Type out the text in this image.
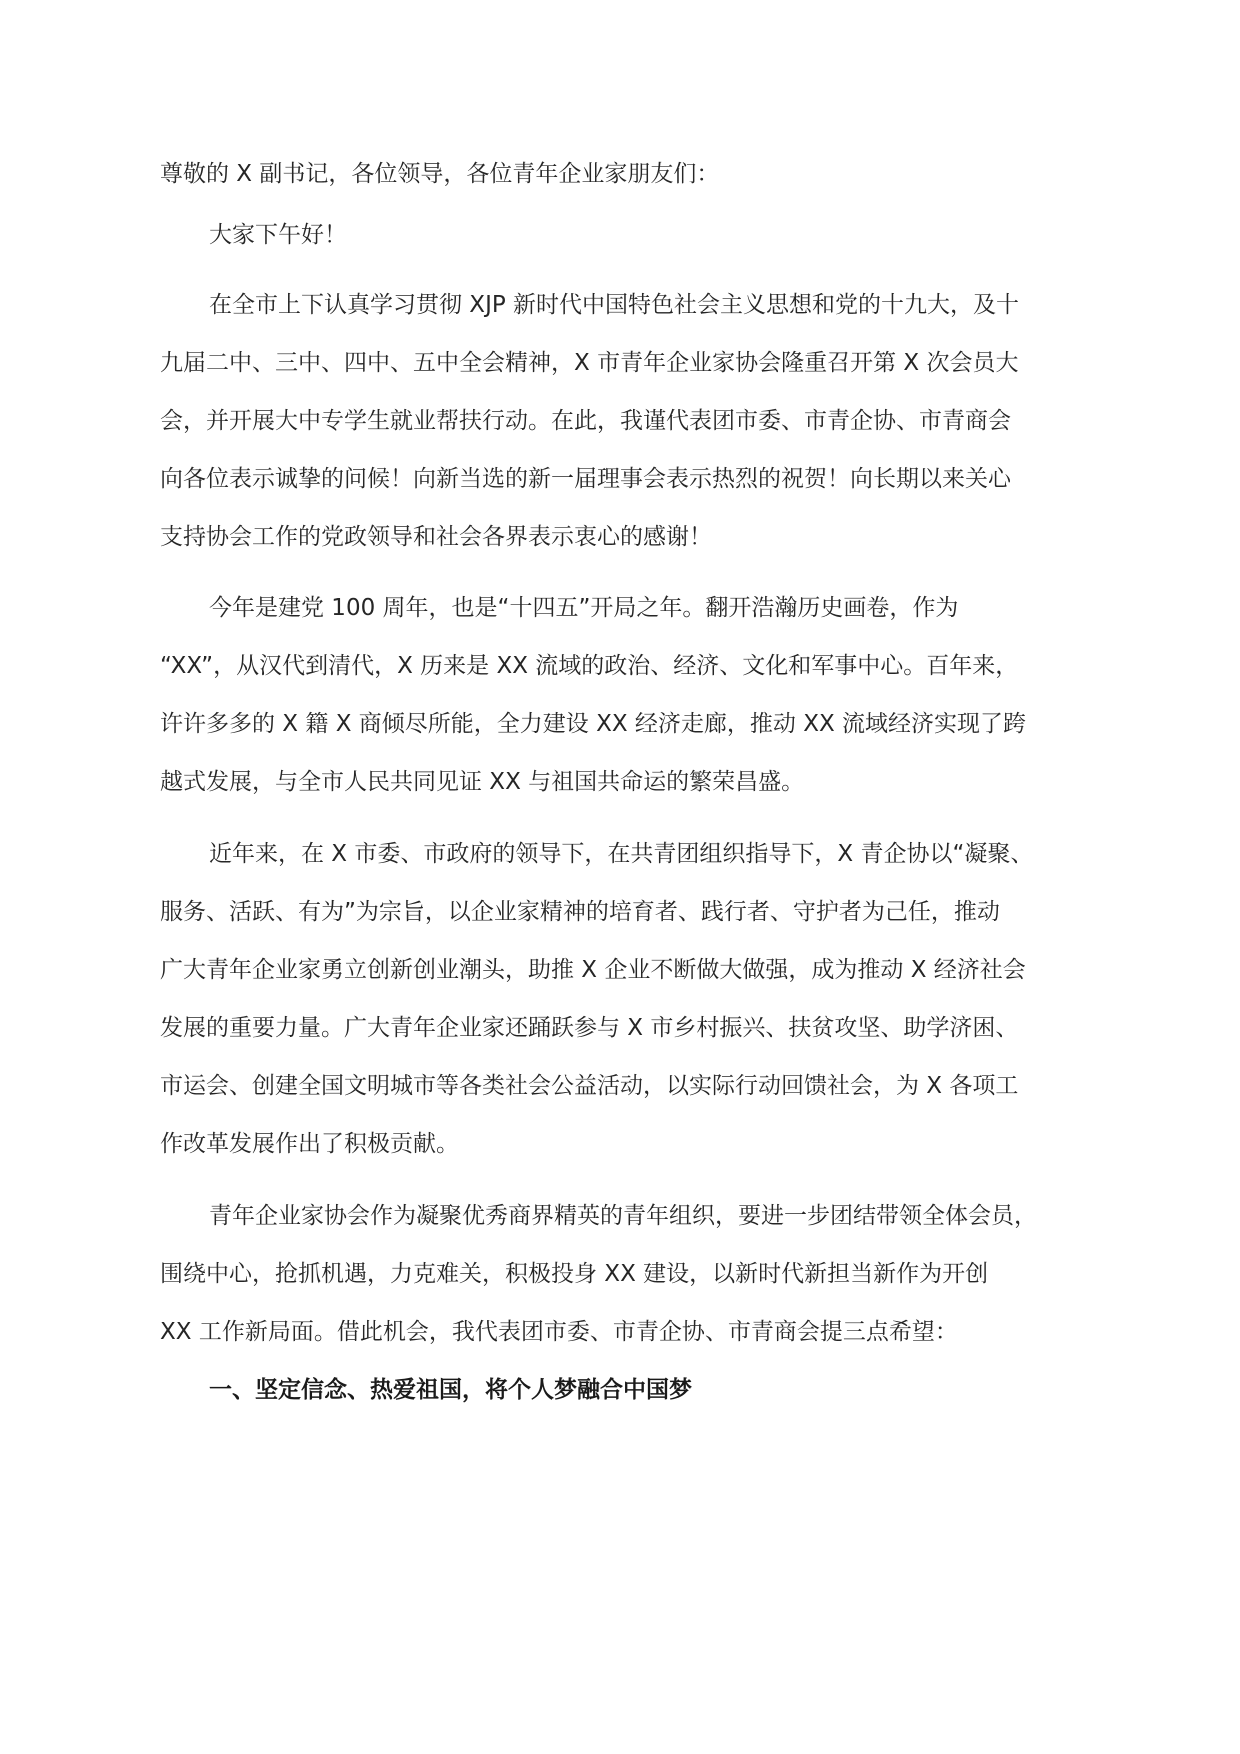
尊敬的 X 副书记，各位领导，各位青年企业家朋友们：
大家下午好！
在全市上下认真学习贯彻 XJP 新时代中国特色社会主义思想和党的十九大，及十
九届二中、三中、四中、五中全会精神，X 市青年企业家协会隆重召开第 X 次会员大
会，并开展大中专学生就业帮扶行动。在此，我谨代表团市委、市青企协、市青商会
向各位表示诚挚的问候！向新当选的新一届理事会表示热烈的祝贺！向长期以来关心
支持协会工作的党政领导和社会各界表示衷心的感谢！
今年是建党 100 周年，也是“十四五”开局之年。翻开浩瀚历史画卷，作为
“XX”，从汉代到清代，X 历来是 XX 流域的政治、经济、文化和军事中心。百年来，
许许多多的 X 籍 X 商倾尽所能，全力建设 XX 经济走廊，推动 XX 流域经济实现了跨
越式发展，与全市人民共同见证 XX 与祖国共命运的繁荣昌盛。
近年来，在 X 市委、市政府的领导下，在共青团组织指导下，X 青企协以“凝聚、
服务、活跃、有为”为宗旨，以企业家精神的培育者、践行者、守护者为己任，推动
广大青年企业家勇立创新创业潮头，助推 X 企业不断做大做强，成为推动 X 经济社会
发展的重要力量。广大青年企业家还踊跃参与 X 市乡村振兴、扶贫攻坚、助学济困、
市运会、创建全国文明城市等各类社会公益活动，以实际行动回馈社会，为 X 各项工
作改革发展作出了积极贡献。
青年企业家协会作为凝聚优秀商界精英的青年组织，要进一步团结带领全体会员，
围绕中心，抢抓机遇，力克难关，积极投身 XX 建设，以新时代新担当新作为开创
XX 工作新局面。借此机会，我代表团市委、市青企协、市青商会提三点希望：
一、坚定信念、热爱祖国，将个人梦融合中国梦
